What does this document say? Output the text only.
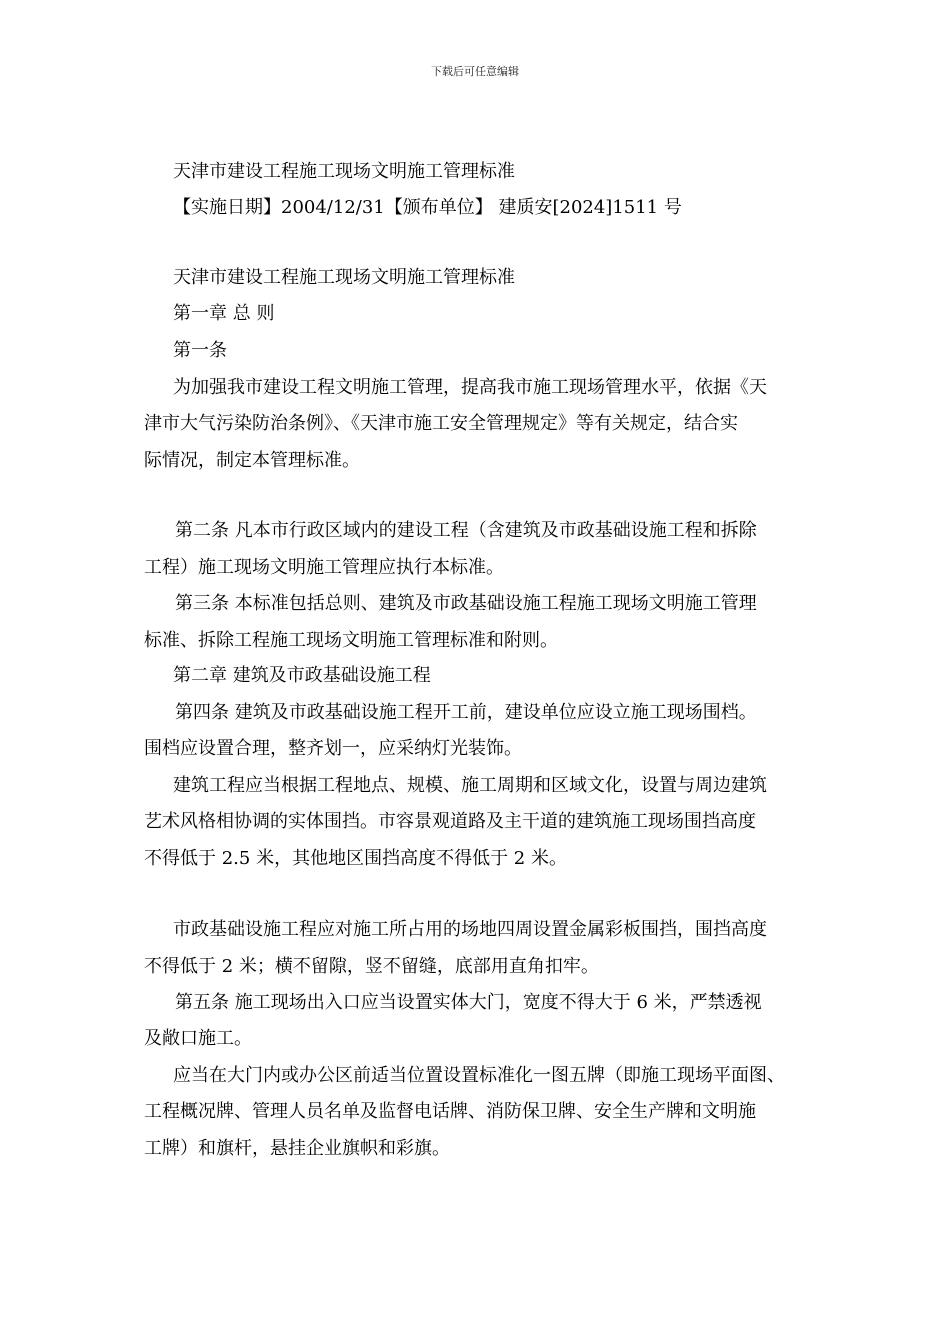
下载后可任意编辑
天津市建设工程施工现场文明施工管理标准
【实施日期】2004/12/31【颁布单位】 建质安[2024]1511 号
天津市建设工程施工现场文明施工管理标准
第一章 总 则
第一条
为加强我市建设工程文明施工管理，提高我市施工现场管理水平，依据《天
津市大气污染防治条例》、《天津市施工安全管理规定》等有关规定，结合实
际情况，制定本管理标准。
第二条 凡本市行政区域内的建设工程（含建筑及市政基础设施工程和拆除
工程）施工现场文明施工管理应执行本标准。
第三条 本标准包括总则、建筑及市政基础设施工程施工现场文明施工管理
标准、拆除工程施工现场文明施工管理标准和附则。
第二章 建筑及市政基础设施工程
第四条 建筑及市政基础设施工程开工前，建设单位应设立施工现场围档。
围档应设置合理，整齐划一，应采纳灯光装饰。
建筑工程应当根据工程地点、规模、施工周期和区域文化，设置与周边建筑
艺术风格相协调的实体围挡。市容景观道路及主干道的建筑施工现场围挡高度
不得低于 2.5 米，其他地区围挡高度不得低于 2 米。
市政基础设施工程应对施工所占用的场地四周设置金属彩板围挡，围挡高度
不得低于 2 米；横不留隙，竖不留缝，底部用直角扣牢。
第五条 施工现场出入口应当设置实体大门，宽度不得大于 6 米，严禁透视
及敞口施工。
应当在大门内或办公区前适当位置设置标准化一图五牌（即施工现场平面图、
工程概况牌、管理人员名单及监督电话牌、消防保卫牌、安全生产牌和文明施
工牌）和旗杆，悬挂企业旗帜和彩旗。
